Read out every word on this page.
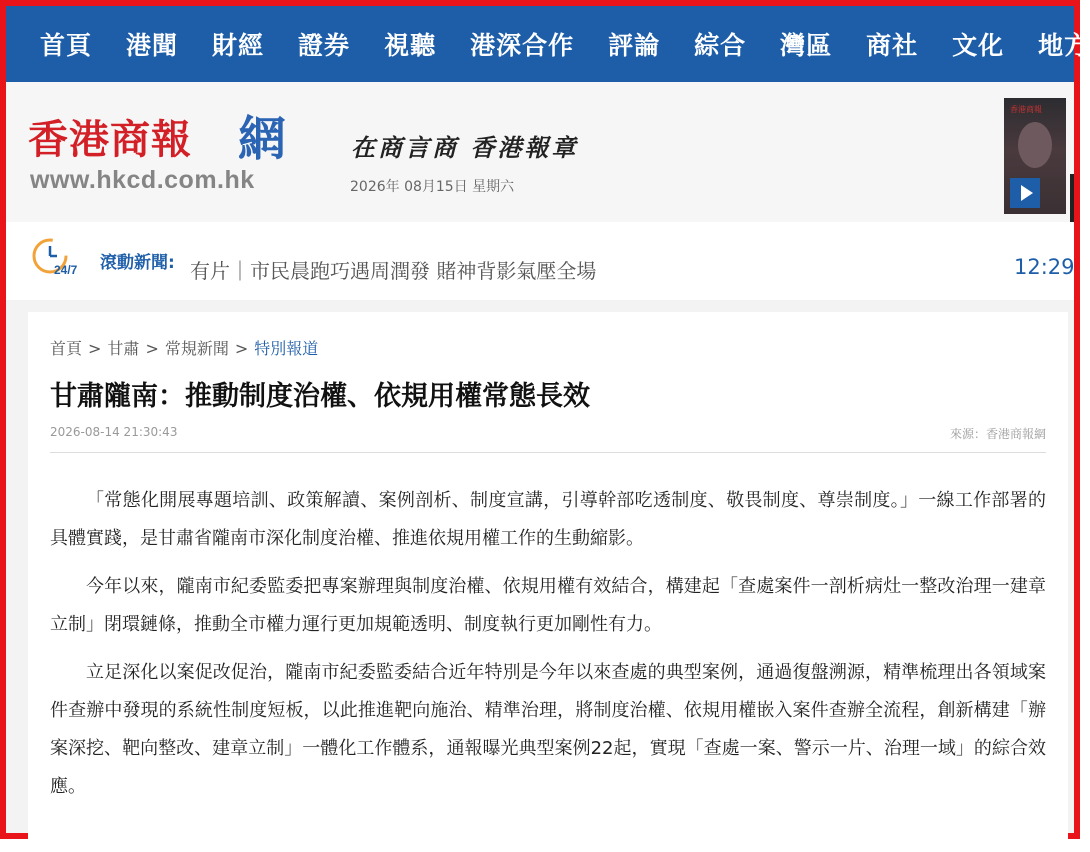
首頁 港聞 財經 證券 視聽 港深合作 評論 綜合 灣區 商社 文化 地方
香港商報 網
www.hkcd.com.hk
在商言商 香港報章
2026年 08月15日 星期六
香港商報
24/7 滾動新聞: 有片｜市民晨跑巧遇周潤發 賭神背影氣壓全場	12:29
首頁 > 甘肅 > 常規新聞 > 特別報道
甘肅隴南：推動制度治權、依規用權常態長效
2026-08-14 21:30:43	來源：香港商報網

「常態化開展專題培訓、政策解讀、案例剖析、制度宣講，引導幹部吃透制度、敬畏制度、尊崇制度。」一線工作部署的具體實踐，是甘肅省隴南市深化制度治權、推進依規用權工作的生動縮影。

今年以來，隴南市紀委監委把專案辦理與制度治權、依規用權有效結合，構建起「查處案件一剖析病灶一整改治理一建章立制」閉環鏈條，推動全市權力運行更加規範透明、制度執行更加剛性有力。

立足深化以案促改促治，隴南市紀委監委結合近年特別是今年以來查處的典型案例，通過復盤溯源，精準梳理出各領域案件查辦中發現的系統性制度短板，以此推進靶向施治、精準治理，將制度治權、依規用權嵌入案件查辦全流程，創新構建「辦案深挖、靶向整改、建章立制」一體化工作體系，通報曝光典型案例22起，實現「查處一案、警示一片、治理一域」的綜合效應。
